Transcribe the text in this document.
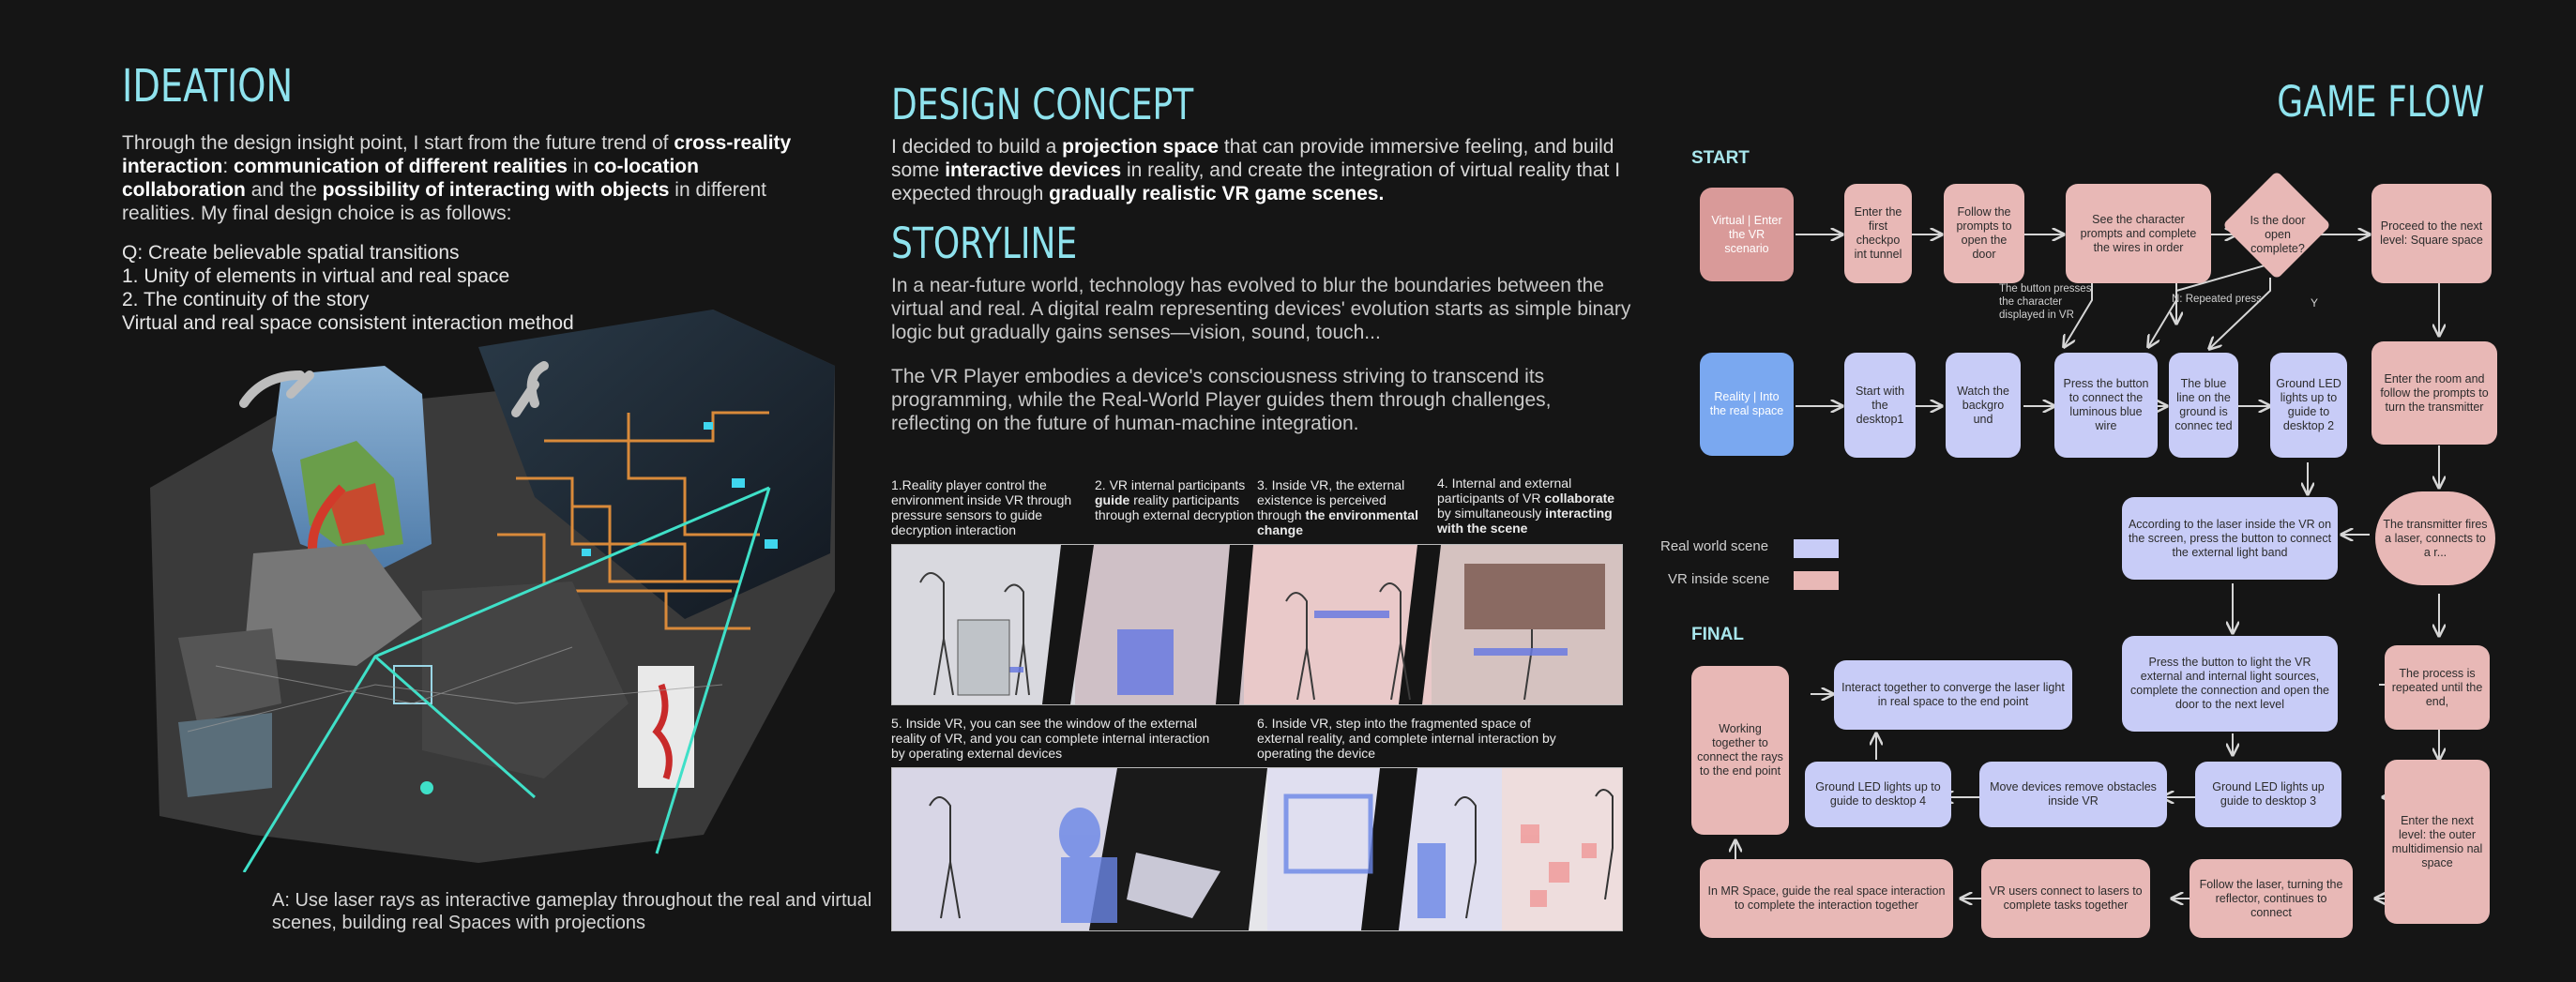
IDEATION
Through the design insight point, I start from the future trend of cross-reality interaction: communication of different realities in co-location collaboration and the possibility of interacting with objects in different realities. My final design choice is as follows:
Q: Create believable spatial transitions
1. Unity of elements in virtual and real space
2. The continuity of the story
Virtual and real space consistent interaction method
A: Use laser rays as interactive gameplay throughout the real and virtual scenes, building real Spaces with projections
DESIGN CONCEPT
I decided to build a projection space that can provide immersive feeling, and build some interactive devices in reality, and create the integration of virtual reality that I expected through gradually realistic VR game scenes.
STORYLINE
In a near-future world, technology has evolved to blur the boundaries between the virtual and real. A digital realm representing devices' evolution starts as simple binary logic but gradually gains senses—vision, sound, touch...
The VR Player embodies a device's consciousness striving to transcend its programming, while the Real-World Player guides them through challenges, reflecting on the future of human-machine integration.
1.Reality player control the environment inside VR through pressure sensors to guide decryption interaction
2. VR internal participants guide reality participants through external decryption
3. Inside VR, the external existence is perceived through the environmental change
4. Internal and external participants of VR collaborate by simultaneously interacting with the scene
5. Inside VR, you can see the window of the external reality of VR, and you can complete internal interaction by operating external devices
6. Inside VR, step into the fragmented space of external reality, and complete internal interaction by operating the device
GAME FLOW
START
FINAL
Real world scene
VR inside scene
The button presses the character displayed in VR
N: Repeated press	Y
Virtual | Enter the VR scenario
Enter the first checkpo int tunnel
Follow the prompts to open the door
See the character prompts and complete the wires in order
Is the door open complete?
Proceed to the next level: Square space
Reality | Into the real space
Start with the desktop1
Watch the backgro und
Press the button to connect the luminous blue wire
The blue line on the ground is connec ted
Ground LED lights up to guide to desktop 2
Enter the room and follow the prompts to turn the transmitter
According to the laser inside the VR on the screen, press the button to connect the external light band
The transmitter fires a laser, connects to a r...
Press the button to light the VR external and internal light sources, complete the connection and open the door to the next level
The process is repeated until the end,
Working together to connect the rays to the end point
Interact together to converge the laser light in real space to the end point
Ground LED lights up to guide to desktop 4
Move devices remove obstacles inside VR
Ground LED lights up guide to desktop 3
Enter the next level: the outer multidimensio nal space
In MR Space, guide the real space interaction to complete the interaction together
VR users connect to lasers to complete tasks together
Follow the laser, turning the reflector, continues to connect
